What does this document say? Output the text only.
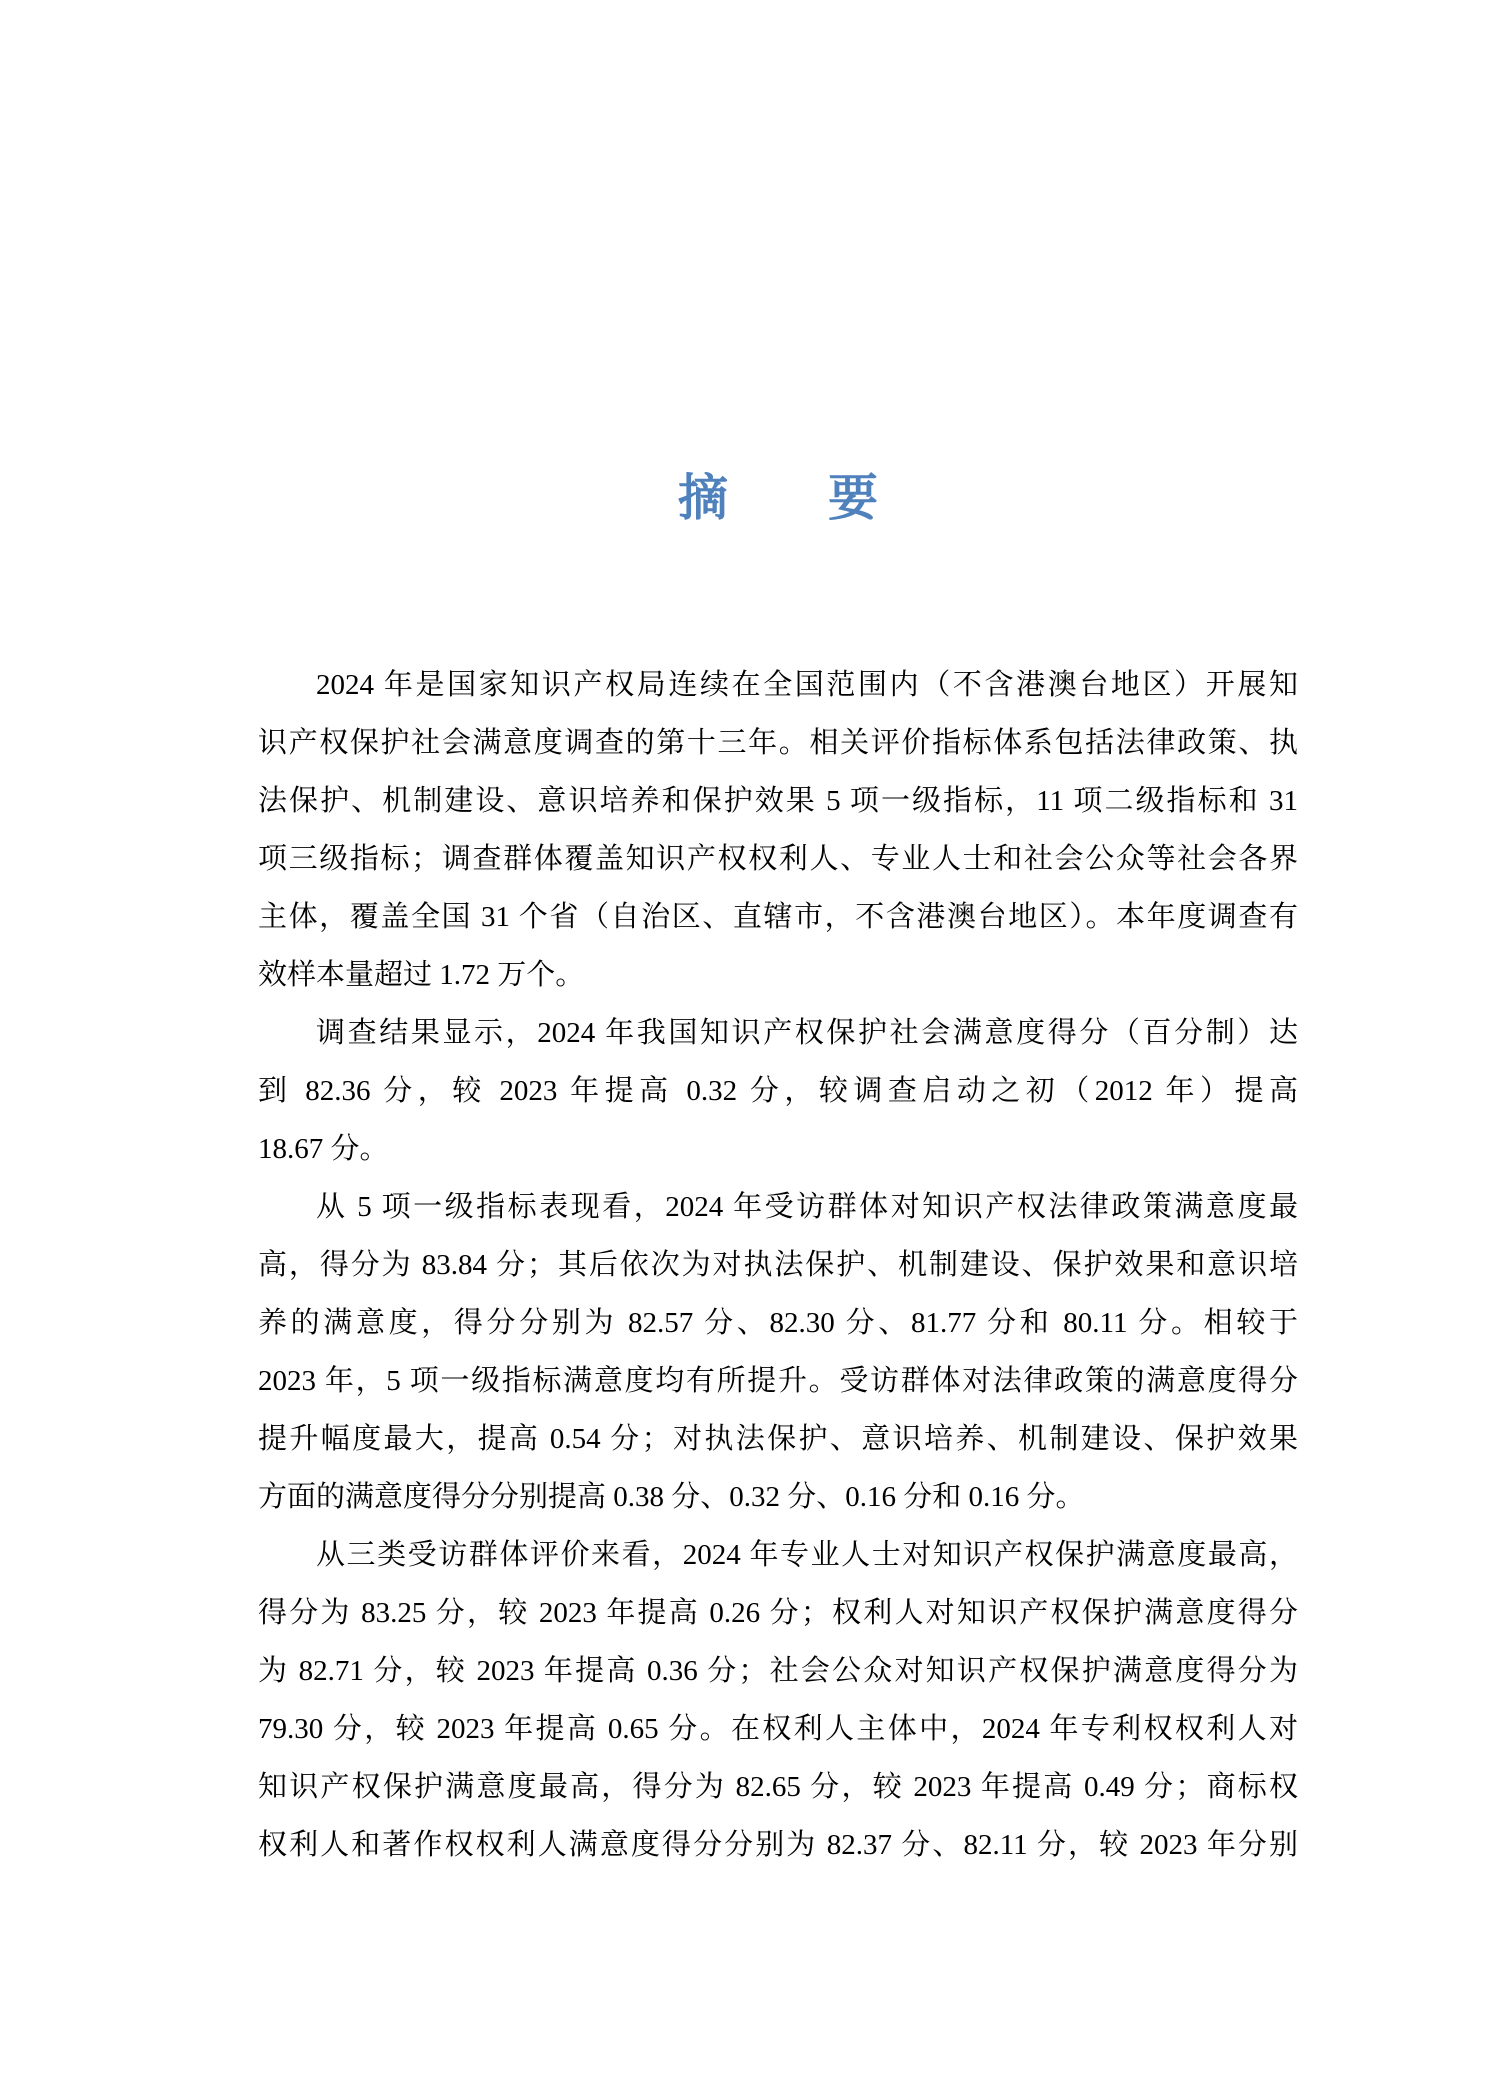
摘　　要
2024 年是国家知识产权局连续在全国范围内（不含港澳台地区）开展知
识产权保护社会满意度调查的第十三年。相关评价指标体系包括法律政策、执
法保护、机制建设、意识培养和保护效果 5 项一级指标，11 项二级指标和 31
项三级指标；调查群体覆盖知识产权权利人、专业人士和社会公众等社会各界
主体，覆盖全国 31 个省（自治区、直辖市，不含港澳台地区）。本年度调查有
效样本量超过 1.72 万个。
调查结果显示，2024 年我国知识产权保护社会满意度得分（百分制）达
到 82.36 分，较 2023 年提高 0.32 分，较调查启动之初（2012 年）提高
18.67 分。
从 5 项一级指标表现看，2024 年受访群体对知识产权法律政策满意度最
高，得分为 83.84 分；其后依次为对执法保护、机制建设、保护效果和意识培
养的满意度，得分分别为 82.57 分、82.30 分、81.77 分和 80.11 分。相较于
2023 年，5 项一级指标满意度均有所提升。受访群体对法律政策的满意度得分
提升幅度最大，提高 0.54 分；对执法保护、意识培养、机制建设、保护效果
方面的满意度得分分别提高 0.38 分、0.32 分、0.16 分和 0.16 分。
从三类受访群体评价来看，2024 年专业人士对知识产权保护满意度最高，
得分为 83.25 分，较 2023 年提高 0.26 分；权利人对知识产权保护满意度得分
为 82.71 分，较 2023 年提高 0.36 分；社会公众对知识产权保护满意度得分为
79.30 分，较 2023 年提高 0.65 分。在权利人主体中，2024 年专利权权利人对
知识产权保护满意度最高，得分为 82.65 分，较 2023 年提高 0.49 分；商标权
权利人和著作权权利人满意度得分分别为 82.37 分、82.11 分，较 2023 年分别
